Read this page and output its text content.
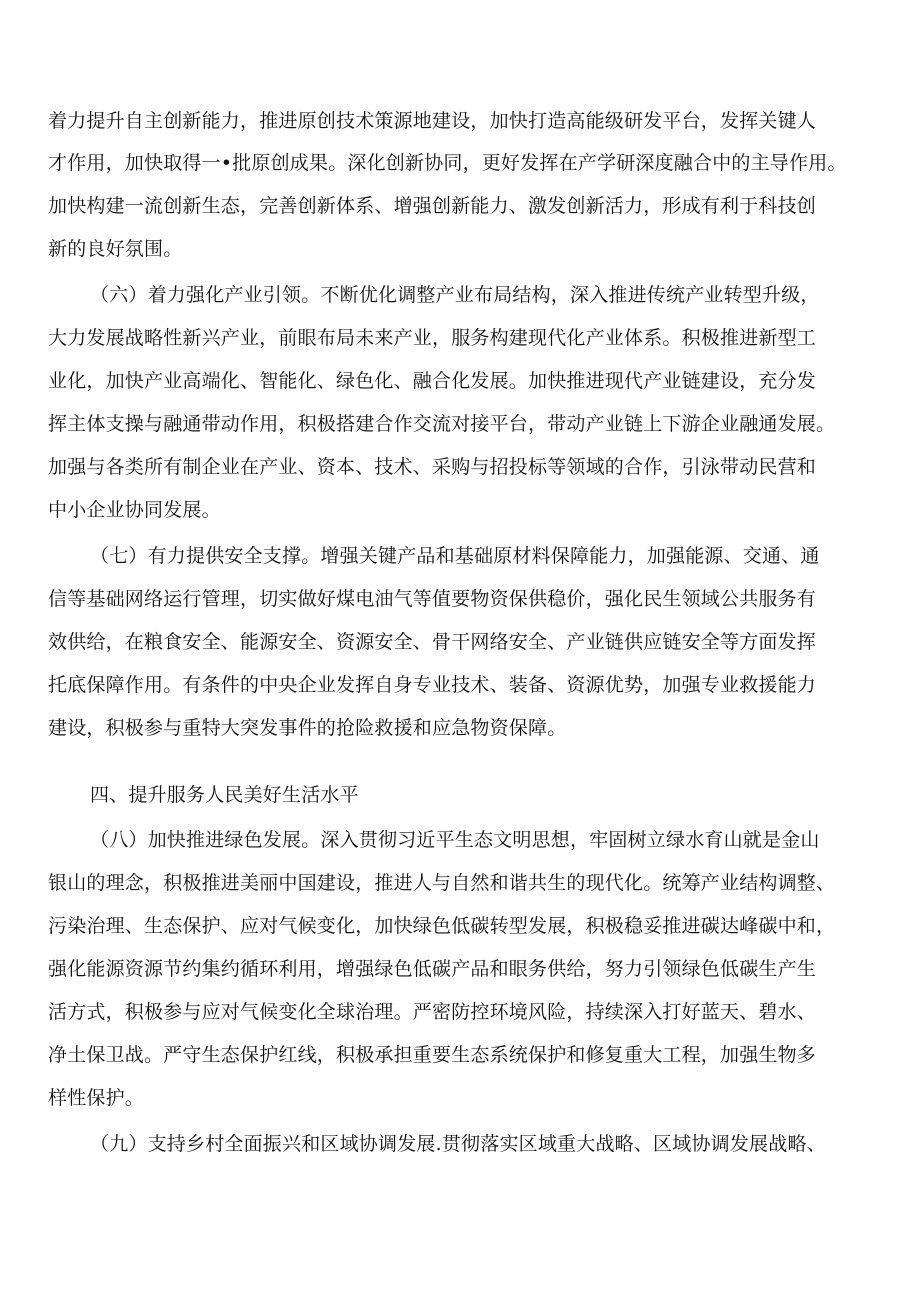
着力提升自主创新能力，推进原创技术策源地建设，加快打造高能级研发平台，发挥关键人
才作用，加快取得一•批原创成果。深化创新协同，更好发挥在产学研深度融合中的主导作用。
加快构建一流创新生态，完善创新体系、增强创新能力、激发创新活力，形成有利于科技创
新的良好氛围。
（六）着力强化产业引领。不断优化调整产业布局结构，深入推进传统产业转型升级，
大力发展战略性新兴产业，前眼布局未来产业，服务构建现代化产业体系。积极推进新型工
业化，加快产业高端化、智能化、绿色化、融合化发展。加快推进现代产业链建设，充分发
挥主体支操与融通带动作用，积极搭建合作交流对接平台，带动产业链上下游企业融通发展。
加强与各类所有制企业在产业、资本、技术、采购与招投标等领域的合作，引泳带动民营和
中小企业协同发展。
（七）有力提供安全支撑。增强关键产品和基础原材料保障能力，加强能源、交通、通
信等基础网络运行管理，切实做好煤电油气等值要物资保供稳价，强化民生领域公共服务有
效供给，在粮食安全、能源安全、资源安全、骨干网络安全、产业链供应链安全等方面发挥
托底保障作用。有条件的中央企业发挥自身专业技术、装备、资源优势，加强专业救援能力
建设，积极参与重特大突发事件的抢险救援和应急物资保障。
四、提升服务人民美好生活水平
（八）加快推进绿色发展。深入贯彻习近平生态文明思想，牢固树立绿水育山就是金山
银山的理念，积极推进美丽中国建设，推进人与自然和谐共生的现代化。统筹产业结构调整、
污染治理、生态保护、应对气候变化，加快绿色低碳转型发展，积极稳妥推进碳达峰碳中和，
强化能源资源节约集约循环利用，增强绿色低碳产品和眼务供给，努力引领绿色低碳生产生
活方式，积极参与应对气候变化全球治理。严密防控环境风险，持续深入打好蓝天、碧水、
净土保卫战。严守生态保护红线，积极承担重要生态系统保护和修复重大工程，加强生物多
样性保护。
（九）支持乡村全面振兴和区域协调发展.贯彻落实区域重大战略、区域协调发展战略、
